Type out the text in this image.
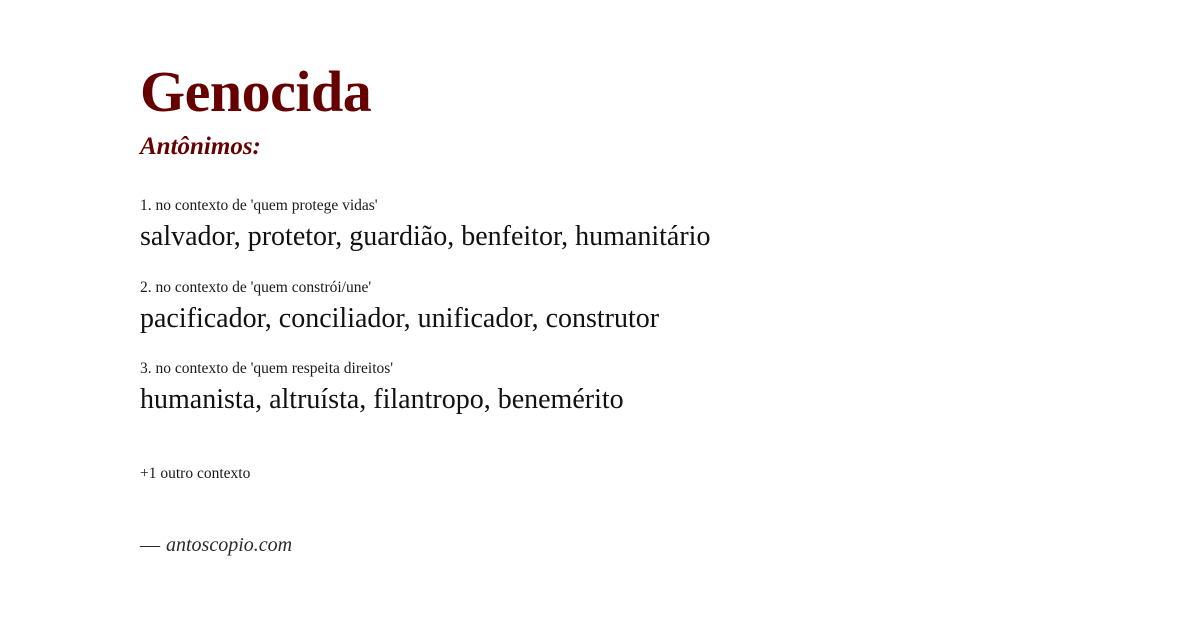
Genocida
Antônimos:
1. no contexto de 'quem protege vidas'
salvador, protetor, guardião, benfeitor, humanitário
2. no contexto de 'quem constrói/une'
pacificador, conciliador, unificador, construtor
3. no contexto de 'quem respeita direitos'
humanista, altruísta, filantropo, benemérito
+1 outro contexto
— antoscopio.com
